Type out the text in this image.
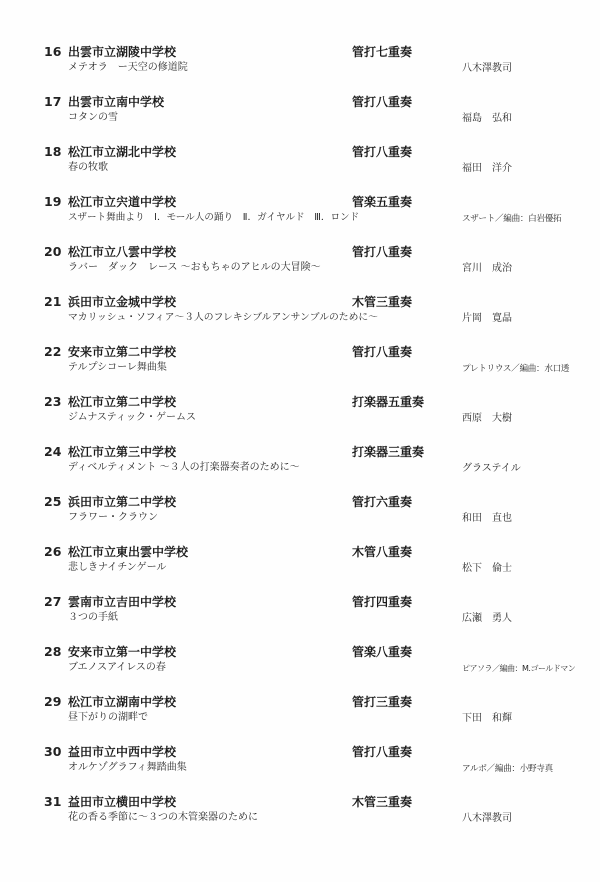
16 出雲市立湖陵中学校	管打七重奏
メテオラ　ー天空の修道院	八木澤教司
17 出雲市立南中学校	管打八重奏
コタンの雪	福島　弘和
18 松江市立湖北中学校	管打八重奏
春の牧歌	福田　洋介
19 松江市立宍道中学校	管楽五重奏
スザート舞曲より　Ⅰ．モール人の踊り　Ⅱ．ガイヤルド　Ⅲ．ロンド	スザート／編曲：白岩優拓
20 松江市立八雲中学校	管打八重奏
ラバー　ダック　レース ～おもちゃのアヒルの大冒険～	宮川　成治
21 浜田市立金城中学校	木管三重奏
マカリッシュ・ソフィア～３人のフレキシブルアンサンブルのために～	片岡　寛晶
22 安来市立第二中学校	管打八重奏
テルプシコーレ舞曲集	プレトリウス／編曲：水口透
23 松江市立第二中学校	打楽器五重奏
ジムナスティック・ゲームス	西原　大樹
24 松江市立第三中学校	打楽器三重奏
ディベルティメント ～３人の打楽器奏者のために～	グラステイル
25 浜田市立第二中学校	管打六重奏
フラワー・クラウン	和田　直也
26 松江市立東出雲中学校	木管八重奏
悲しきナイチンゲール	松下　倫士
27 雲南市立吉田中学校	管打四重奏
３つの手紙	広瀬　勇人
28 安来市立第一中学校	管楽八重奏
ブエノスアイレスの春	ピアソラ／編曲：M.ゴールドマン
29 松江市立湖南中学校	管打三重奏
昼下がりの湖畔で	下田　和輝
30 益田市立中西中学校	管打八重奏
オルケゾグラフィ舞踏曲集	アルボ／編曲：小野寺真
31 益田市立横田中学校	木管三重奏
花の香る季節に～３つの木管楽器のために	八木澤教司
